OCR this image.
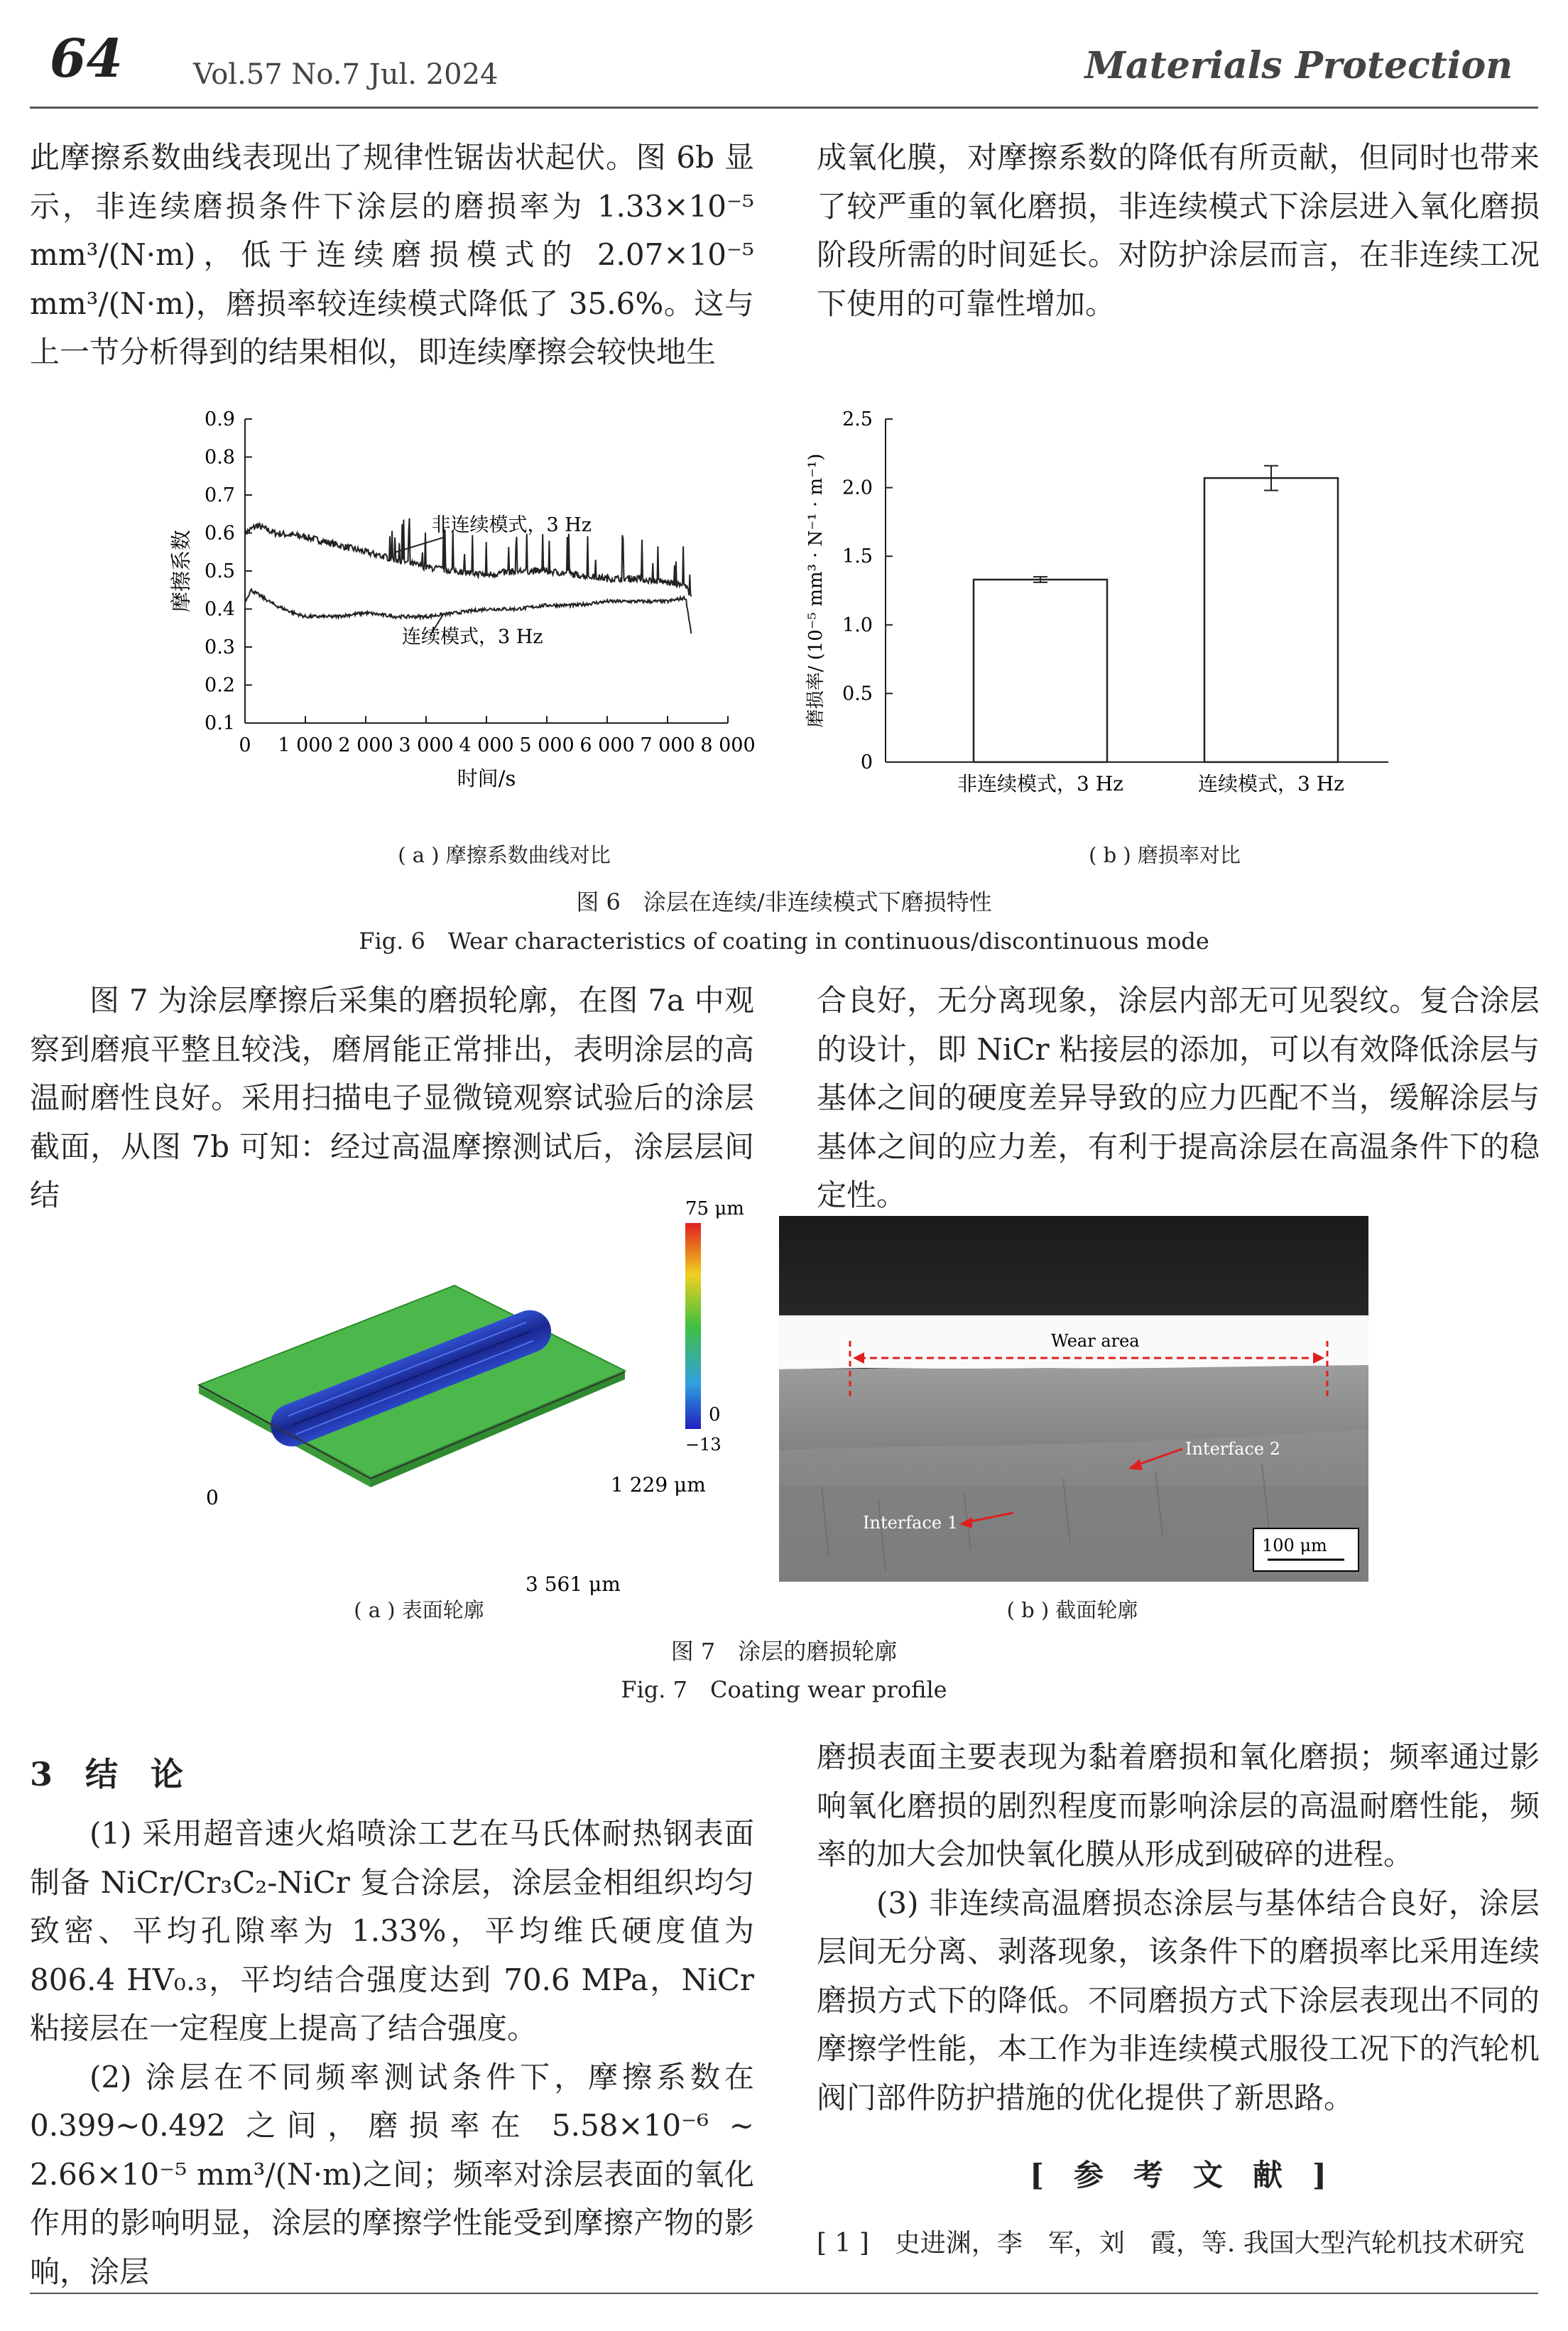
64 Vol.57 No.7 Jul. 2024	Materials Protection

此摩擦系数曲线表现出了规律性锯齿状起伏。图 6b 显示，非连续磨损条件下涂层的磨损率为 1.33×10⁻⁵ mm³/(N·m)，低于连续磨损模式的 2.07×10⁻⁵ mm³/(N·m)，磨损率较连续模式降低了 35.6%。这与上一节分析得到的结果相似，即连续摩擦会较快地生

成氧化膜，对摩擦系数的降低有所贡献，但同时也带来了较严重的氧化磨损，非连续模式下涂层进入氧化磨损阶段所需的时间延长。对防护涂层而言，在非连续工况下使用的可靠性增加。

0.1
0.2
0.3
0.4
0.5
0.6
0.7
0.8
0.9
0 1 000 2 000 3 000 4 000 5 000 6 000 7 000 8 000
摩擦系数
时间/s
非连续模式，3 Hz
连续模式，3 Hz
0
0.5
1.0
1.5
2.0
2.5
磨损率/ (10⁻⁵ mm³ · N⁻¹ · m⁻¹)
非连续模式，3 Hz	连续模式，3 Hz
( a ) 摩擦系数曲线对比	( b ) 磨损率对比
图 6　涂层在连续/非连续模式下磨损特性
Fig. 6　Wear characteristics of coating in continuous/discontinuous mode

图 7 为涂层摩擦后采集的磨损轮廓，在图 7a 中观察到磨痕平整且较浅，磨屑能正常排出，表明涂层的高温耐磨性良好。采用扫描电子显微镜观察试验后的涂层截面，从图 7b 可知：经过高温摩擦测试后，涂层层间结

合良好，无分离现象，涂层内部无可见裂纹。复合涂层的设计，即 NiCr 粘接层的添加，可以有效降低涂层与基体之间的硬度差异导致的应力匹配不当，缓解涂层与基体之间的应力差，有利于提高涂层在高温条件下的稳定性。

75 μm
0
−13
0
1 229 μm
3 561 μm
( a ) 表面轮廓
Wear area
Interface 2
Interface 1
100 μm
( b ) 截面轮廓
图 7　涂层的磨损轮廓
Fig. 7　Coating wear profile
3　结　论

(1) 采用超音速火焰喷涂工艺在马氏体耐热钢表面制备 NiCr/Cr₃C₂-NiCr 复合涂层，涂层金相组织均匀致密、平均孔隙率为 1.33%，平均维氏硬度值为 806.4 HV₀.₃，平均结合强度达到 70.6 MPa，NiCr 粘接层在一定程度上提高了结合强度。

(2) 涂层在不同频率测试条件下，摩擦系数在 0.399~0.492 之间，磨损率在 5.58×10⁻⁶ ~ 2.66×10⁻⁵ mm³/(N·m)之间；频率对涂层表面的氧化作用的影响明显，涂层的摩擦学性能受到摩擦产物的影响，涂层

磨损表面主要表现为黏着磨损和氧化磨损；频率通过影响氧化磨损的剧烈程度而影响涂层的高温耐磨性能，频率的加大会加快氧化膜从形成到破碎的进程。

(3) 非连续高温磨损态涂层与基体结合良好，涂层层间无分离、剥落现象，该条件下的磨损率比采用连续磨损方式下的降低。不同磨损方式下涂层表现出不同的摩擦学性能，本工作为非连续模式服役工况下的汽轮机阀门部件防护措施的优化提供了新思路。

[　参　考　文　献　]
[ 1 ]　史进渊，李　军，刘　霞，等. 我国大型汽轮机技术研究
